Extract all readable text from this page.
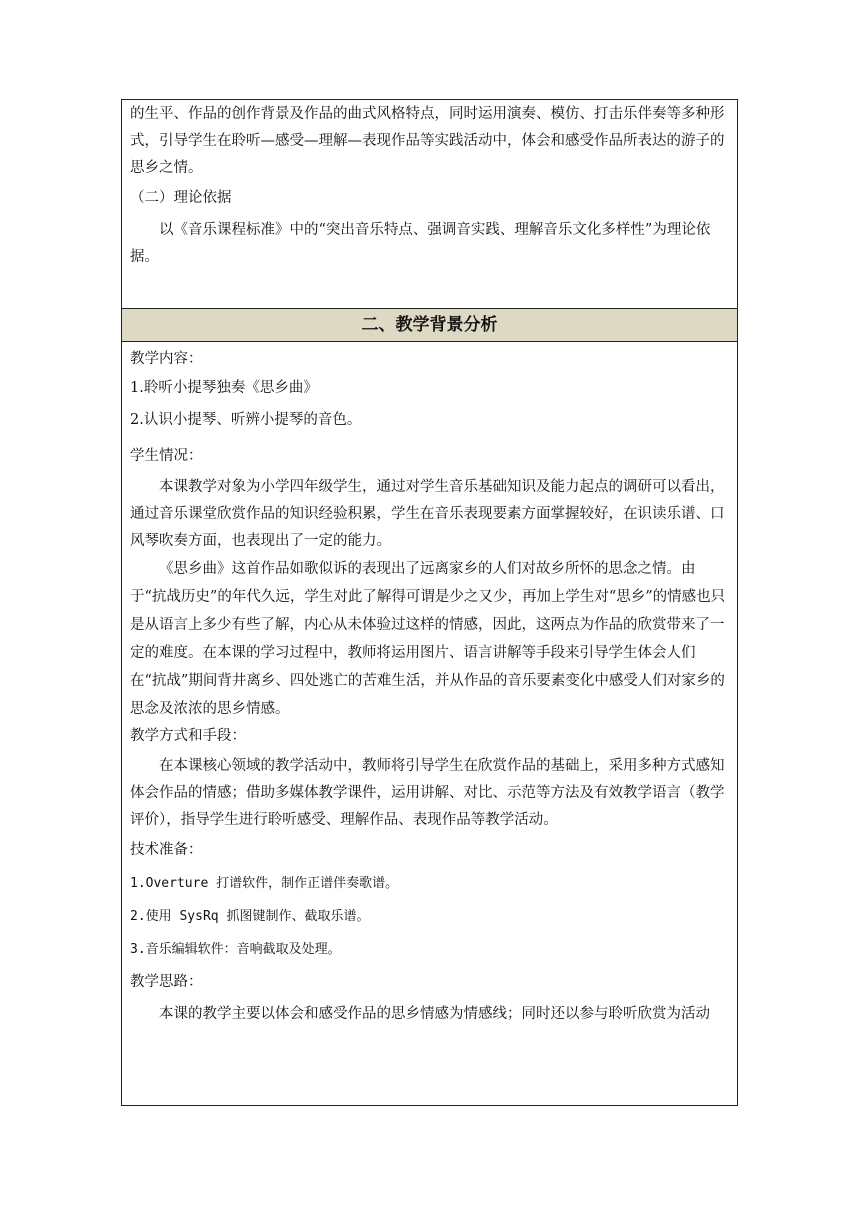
的生平、作品的创作背景及作品的曲式风格特点，同时运用演奏、模仿、打击乐伴奏等多种形式，引导学生在聆听—感受—理解—表现作品等实践活动中，体会和感受作品所表达的游子的思乡之情。

（二）理论依据

以《音乐课程标准》中的“突出音乐特点、强调音实践、理解音乐文化多样性”为理论依据。

二、教学背景分析

教学内容：

1.聆听小提琴独奏《思乡曲》

2.认识小提琴、听辨小提琴的音色。

学生情况：

本课教学对象为小学四年级学生，通过对学生音乐基础知识及能力起点的调研可以看出，通过音乐课堂欣赏作品的知识经验积累，学生在音乐表现要素方面掌握较好，在识读乐谱、口风琴吹奏方面，也表现出了一定的能力。

《思乡曲》这首作品如歌似诉的表现出了远离家乡的人们对故乡所怀的思念之情。由于“抗战历史”的年代久远，学生对此了解得可谓是少之又少，再加上学生对“思乡”的情感也只是从语言上多少有些了解，内心从未体验过这样的情感，因此，这两点为作品的欣赏带来了一定的难度。在本课的学习过程中，教师将运用图片、语言讲解等手段来引导学生体会人们在“抗战”期间背井离乡、四处逃亡的苦难生活，并从作品的音乐要素变化中感受人们对家乡的思念及浓浓的思乡情感。

教学方式和手段：

在本课核心领域的教学活动中，教师将引导学生在欣赏作品的基础上，采用多种方式感知体会作品的情感；借助多媒体教学课件，运用讲解、对比、示范等方法及有效教学语言（教学评价），指导学生进行聆听感受、理解作品、表现作品等教学活动。

技术准备：

1.Overture 打谱软件，制作正谱伴奏歌谱。

2.使用 SysRq 抓图键制作、截取乐谱。

3.音乐编辑软件：音响截取及处理。

教学思路：

本课的教学主要以体会和感受作品的思乡情感为情感线；同时还以参与聆听欣赏为活动
